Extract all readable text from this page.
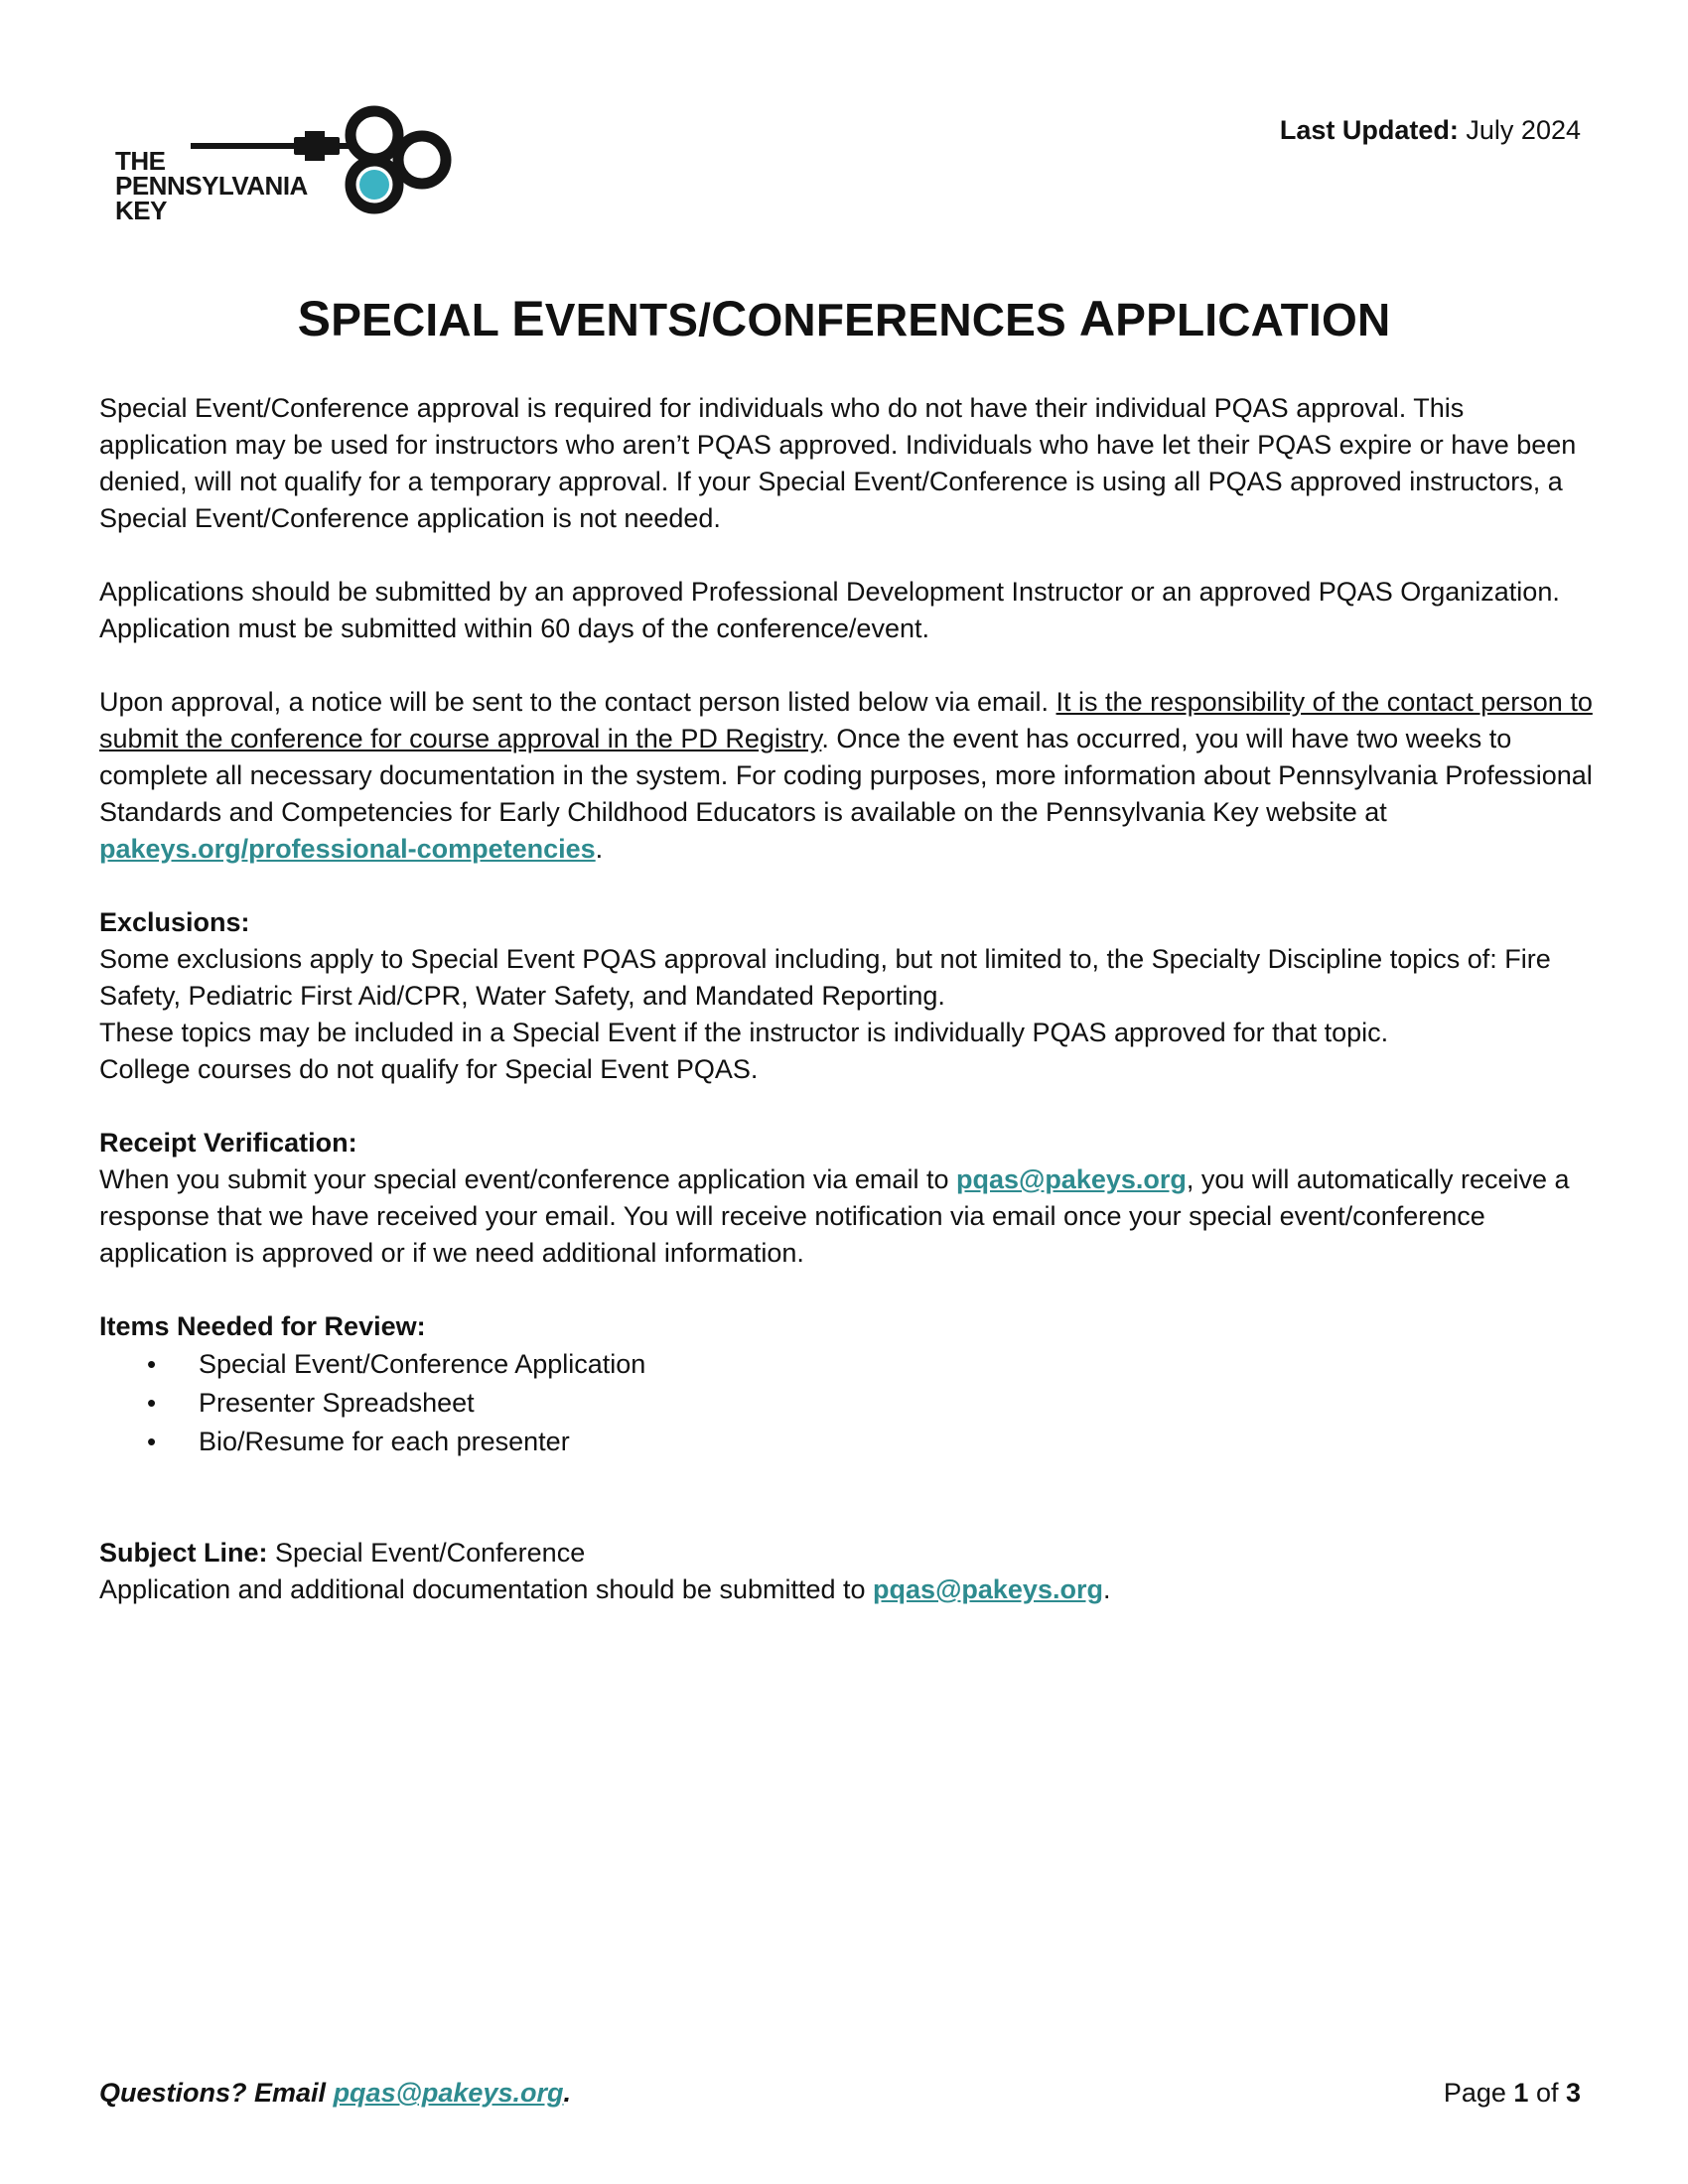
THE
PENNSYLVANIA
KEY
Last Updated: July 2024
SPECIAL EVENTS/CONFERENCES APPLICATION

Special Event/Conference approval is required for individuals who do not have their individual PQAS approval. This application may be used for instructors who aren’t PQAS approved. Individuals who have let their PQAS expire or have been denied, will not qualify for a temporary approval. If your Special Event/Conference is using all PQAS approved instructors, a Special Event/Conference application is not needed.

Applications should be submitted by an approved Professional Development Instructor or an approved PQAS Organization. Application must be submitted within 60 days of the conference/event.

Upon approval, a notice will be sent to the contact person listed below via email. It is the responsibility of the contact person to submit the conference for course approval in the PD Registry. Once the event has occurred, you will have two weeks to complete all necessary documentation in the system. For coding purposes, more information about Pennsylvania Professional Standards and Competencies for Early Childhood Educators is available on the Pennsylvania Key website at pakeys.org/professional-competencies.

Exclusions:

Some exclusions apply to Special Event PQAS approval including, but not limited to, the Specialty Discipline topics of: Fire Safety, Pediatric First Aid/CPR, Water Safety, and Mandated Reporting.

These topics may be included in a Special Event if the instructor is individually PQAS approved for that topic.

College courses do not qualify for Special Event PQAS.

Receipt Verification:

When you submit your special event/conference application via email to pqas@pakeys.org, you will automatically receive a response that we have received your email. You will receive notification via email once your special event/conference application is approved or if we need additional information.

Items Needed for Review:

• Special Event/Conference Application
• Presenter Spreadsheet
• Bio/Resume for each presenter

Subject Line: Special Event/Conference

Application and additional documentation should be submitted to pqas@pakeys.org.

Questions? Email pqas@pakeys.org.	Page 1 of 3
